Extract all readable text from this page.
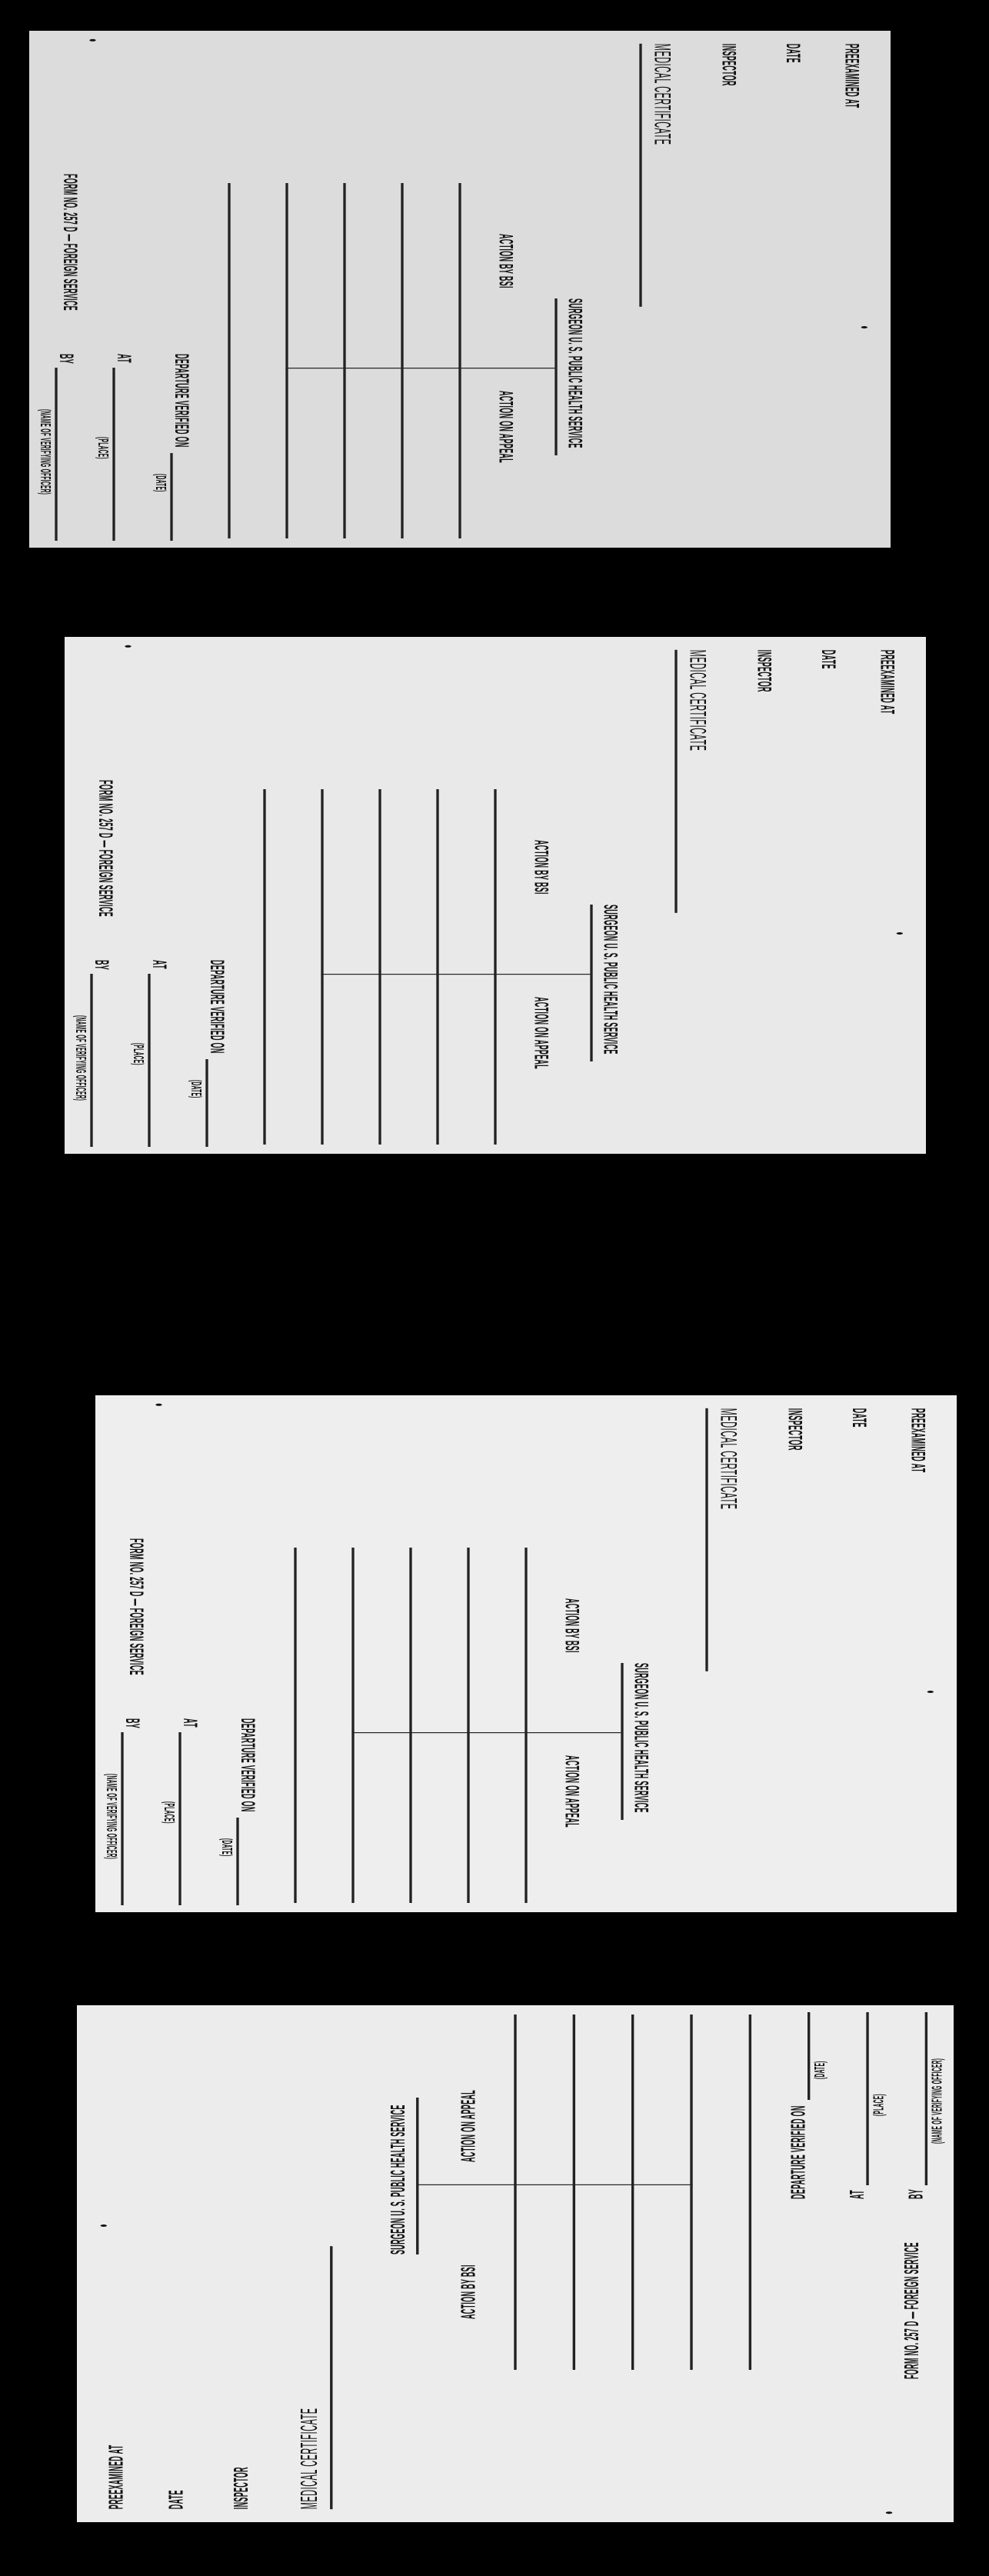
PREEXAMINED AT
DATE
INSPECTOR
MEDICAL CERTIFICATE
SURGEON U. S. PUBLIC HEALTH SERVICE
ACTION BY BSI
ACTION ON APPEAL
FORM NO. 257 D — FOREIGN SERVICE
DEPARTURE VERIFIED ON
(DATE)
AT
(PLACE)
BY
(NAME OF VERIFYING OFFICER)
PREEXAMINED AT
DATE
INSPECTOR
MEDICAL CERTIFICATE
SURGEON U. S. PUBLIC HEALTH SERVICE
ACTION BY BSI
ACTION ON APPEAL
FORM NO. 257 D — FOREIGN SERVICE
DEPARTURE VERIFIED ON
(DATE)
AT
(PLACE)
BY
(NAME OF VERIFYING OFFICER)
PREEXAMINED AT
DATE
INSPECTOR
MEDICAL CERTIFICATE
SURGEON U. S. PUBLIC HEALTH SERVICE
ACTION BY BSI
ACTION ON APPEAL
FORM NO. 257 D — FOREIGN SERVICE
DEPARTURE VERIFIED ON
(DATE)
AT
(PLACE)
BY
(NAME OF VERIFYING OFFICER)
PREEXAMINED AT	DATE	INSPECTOR	MEDICAL CERTIFICATE
SURGEON U. S. PUBLIC HEALTH SERVICE
ACTION BY BSI
ACTION ON APPEAL
FORM NO. 257 D — FOREIGN SERVICE
DEPARTURE VERIFIED ON
(DATE)
AT
(PLACE)
BY
(NAME OF VERIFYING OFFICER)
